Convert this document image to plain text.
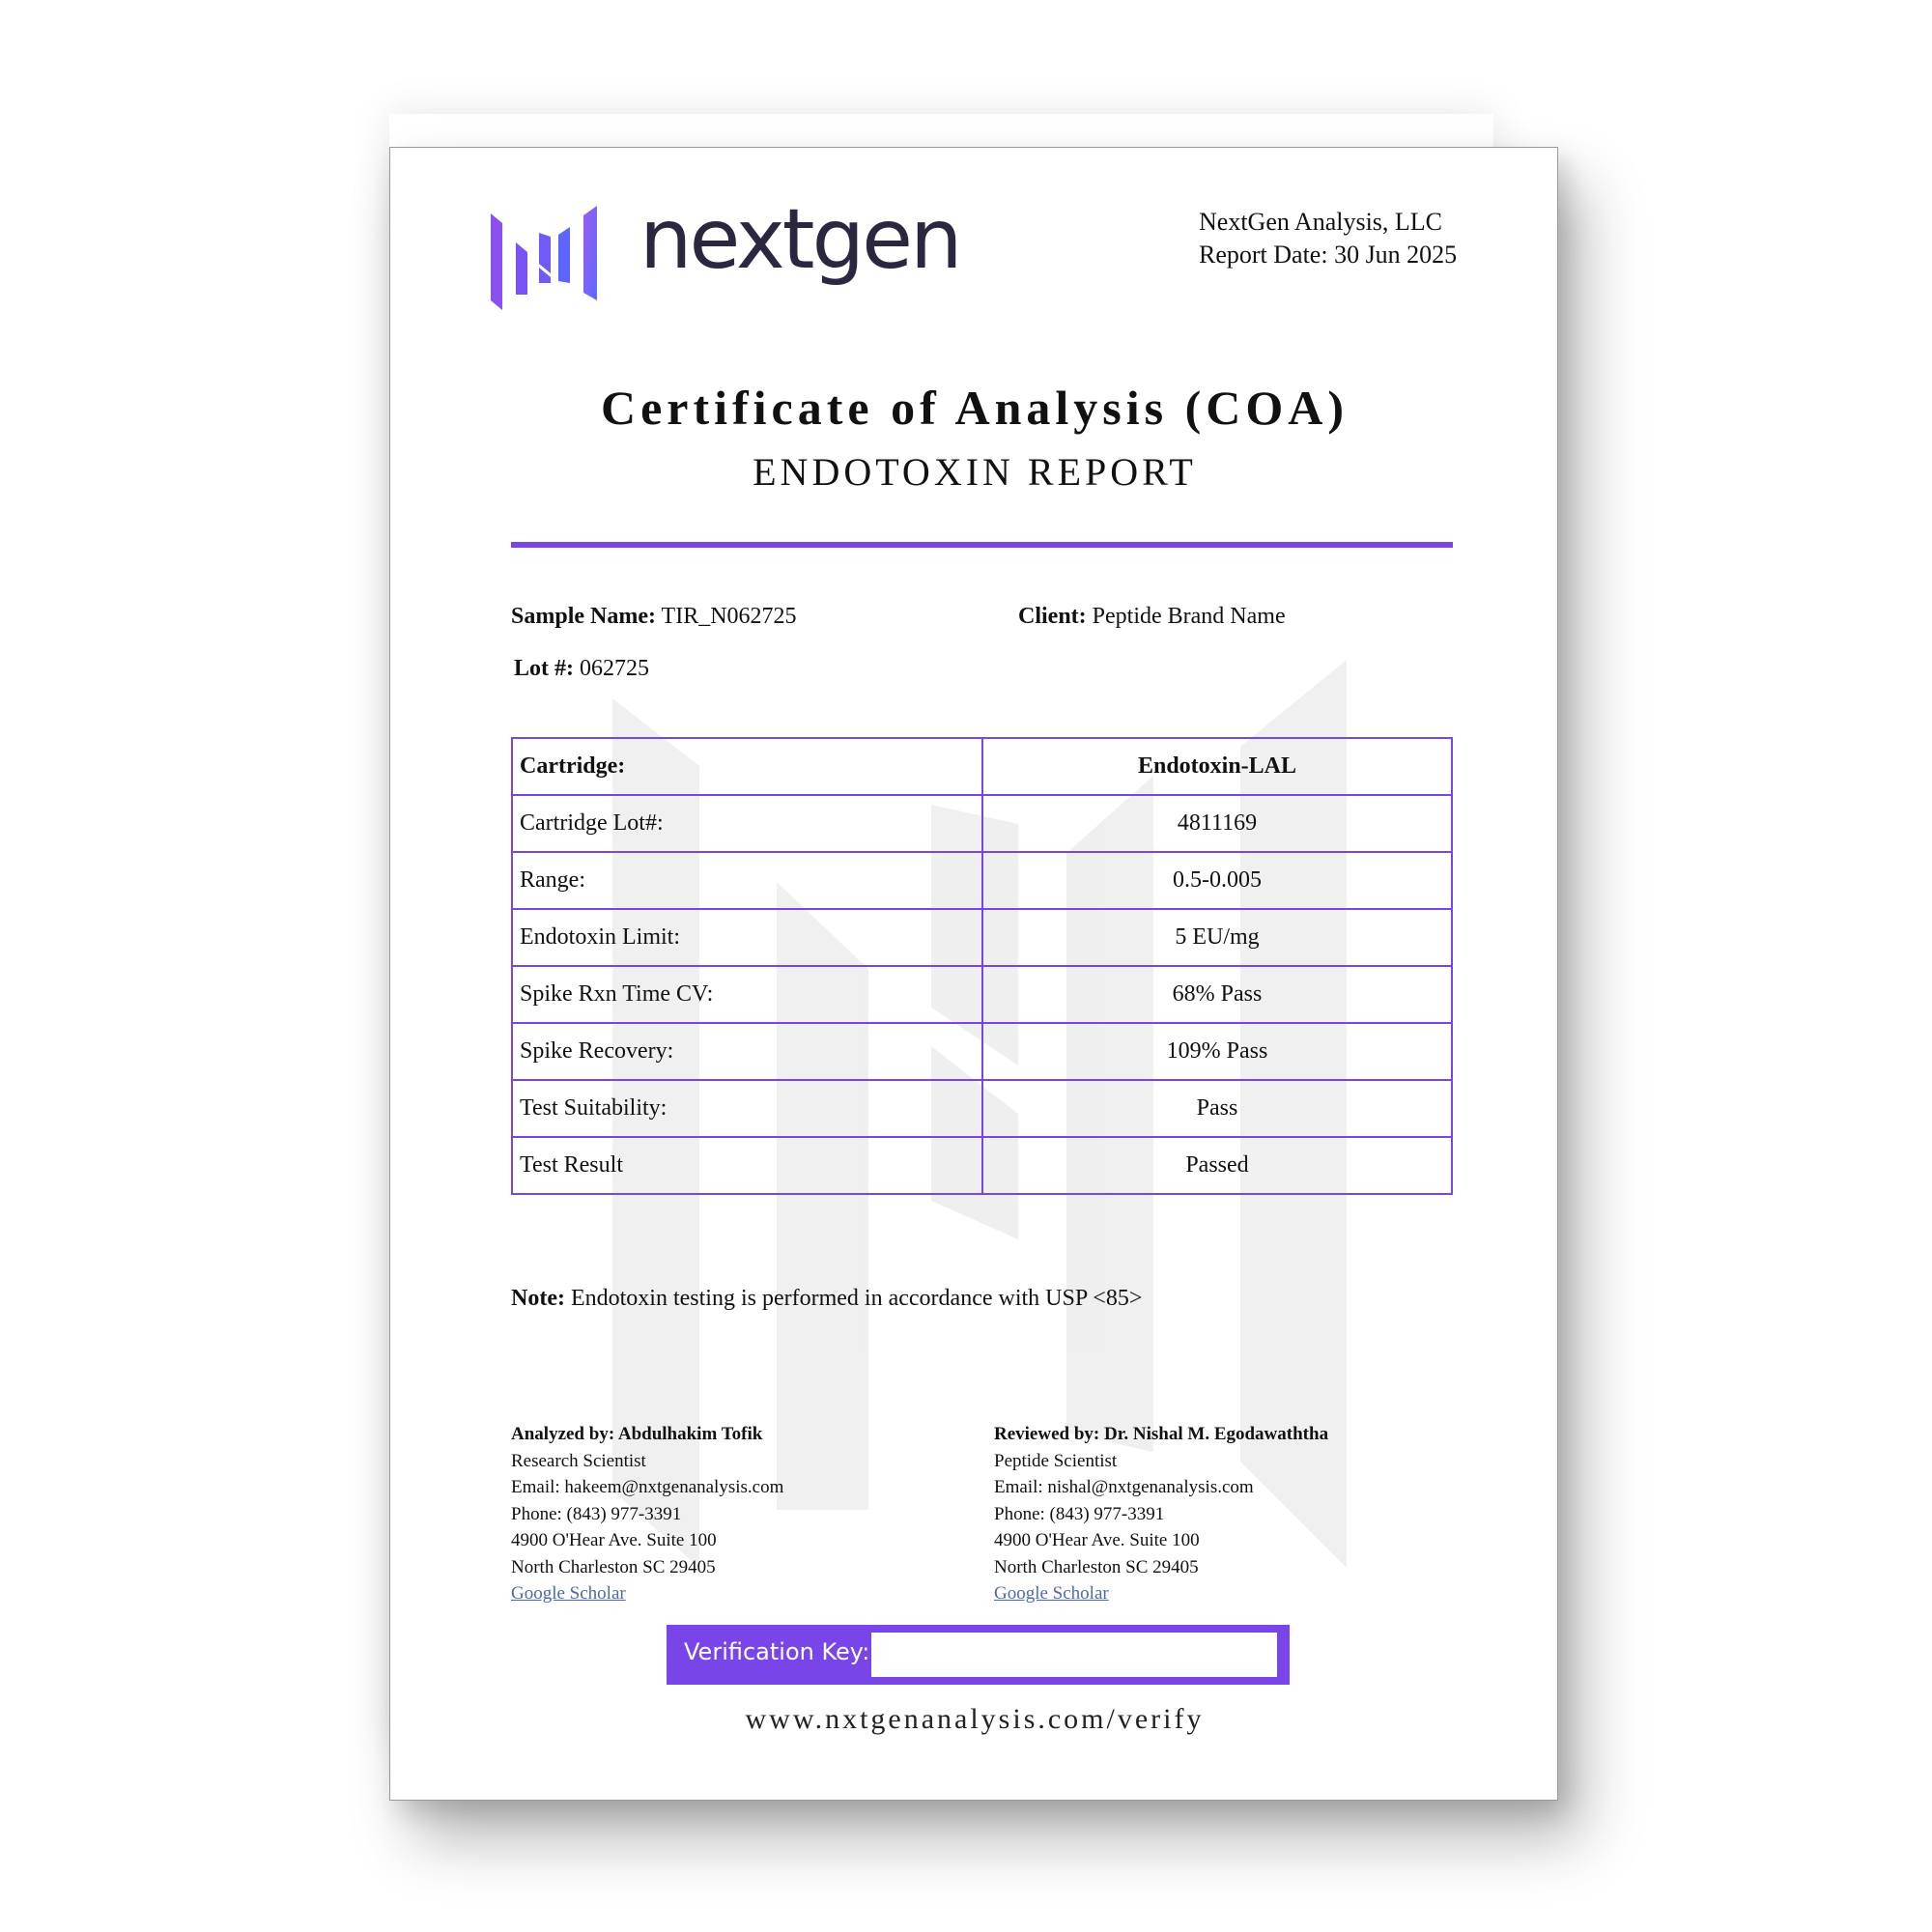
nextgen	NextGen Analysis, LLC
Report Date: 30 Jun 2025
Certificate of Analysis (COA)
ENDOTOXIN REPORT
Sample Name: TIR_N062725	Client: Peptide Brand Name
Lot #: 062725
Cartridge:	Endotoxin-LAL
Cartridge Lot#:	4811169
Range:	0.5-0.005
Endotoxin Limit:	5 EU/mg
Spike Rxn Time CV:	68% Pass
Spike Recovery:	109% Pass
Test Suitability:	Pass
Test Result	Passed
Note: Endotoxin testing is performed in accordance with USP <85>
Analyzed by: Abdulhakim Tofik
Research Scientist
Email: hakeem@nxtgenanalysis.com
Phone: (843) 977-3391
4900 O'Hear Ave. Suite 100
North Charleston SC 29405
Google Scholar
Reviewed by: Dr. Nishal M. Egodawaththa
Peptide Scientist
Email: nishal@nxtgenanalysis.com
Phone: (843) 977-3391
4900 O'Hear Ave. Suite 100
North Charleston SC 29405
Google Scholar
Verification Key:
www.nxtgenanalysis.com/verify
